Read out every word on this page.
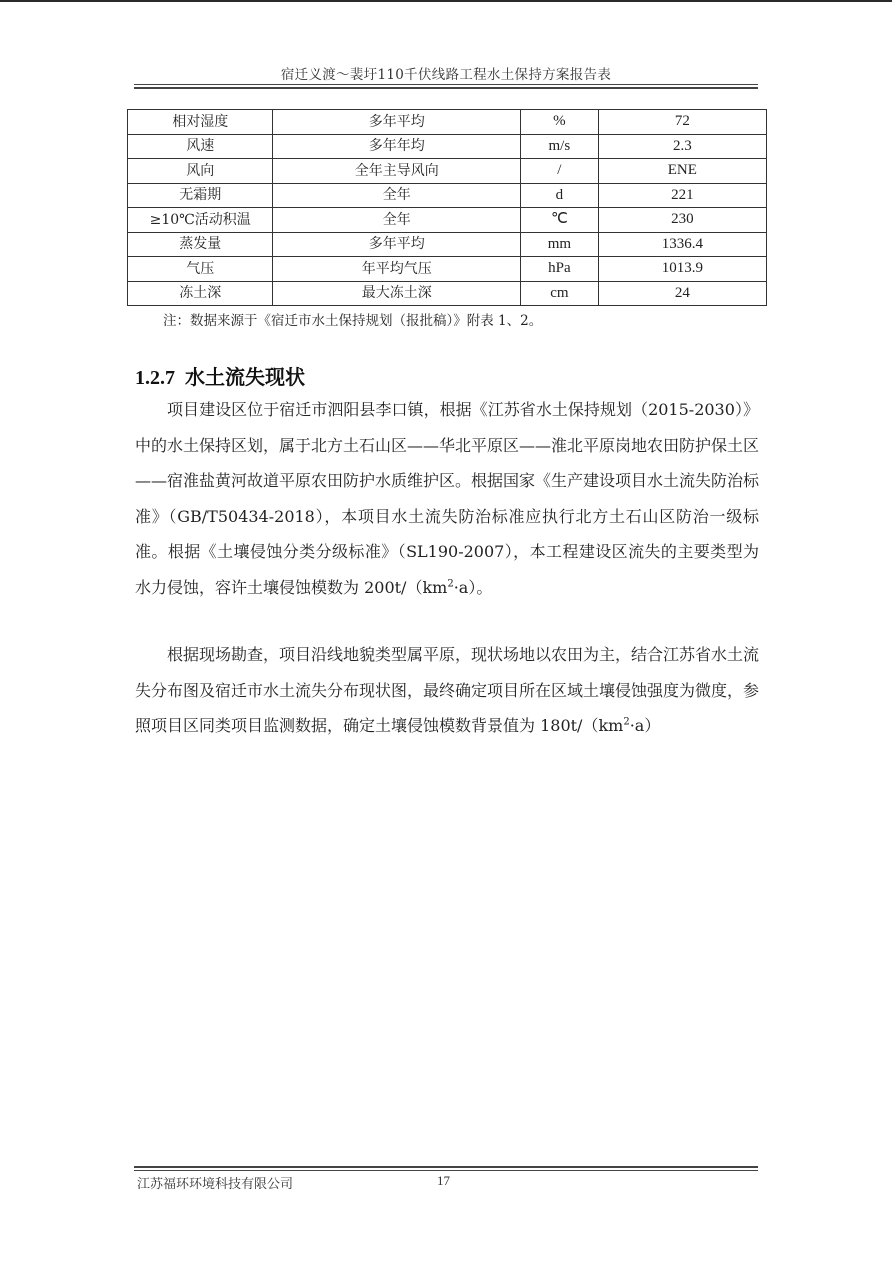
宿迁义渡～裴圩110千伏线路工程水土保持方案报告表
相对湿度	多年平均	%	72
风速	多年年均	m/s	2.3
风向	全年主导风向	/	ENE
无霜期	全年	d	221
≥10℃活动积温	全年	℃	230
蒸发量	多年平均	mm	1336.4
气压	年平均气压	hPa	1013.9
冻土深	最大冻土深	cm	24
注：数据来源于《宿迁市水土保持规划（报批稿）》附表 1、2。
1.2.7 水土流失现状

项目建设区位于宿迁市泗阳县李口镇，根据《江苏省水土保持规划（2015-2030）》中的水土保持区划，属于北方土石山区——华北平原区——淮北平原岗地农田防护保土区——宿淮盐黄河故道平原农田防护水质维护区。根据国家《生产建设项目水土流失防治标准》（GB/T50434-2018），本项目水土流失防治标准应执行北方土石山区防治一级标准。根据《土壤侵蚀分类分级标准》（SL190-2007），本工程建设区流失的主要类型为水力侵蚀，容许土壤侵蚀模数为 $200t/(km^2\cdot a)$。

根据现场勘查，项目沿线地貌类型属平原，现状场地以农田为主，结合江苏省水土流失分布图及宿迁市水土流失分布现状图，最终确定项目所在区域土壤侵蚀强度为微度，参照项目区同类项目监测数据，确定土壤侵蚀模数背景值为 $180t/(km^2\cdot a)$

江苏福环环境科技有限公司	17
